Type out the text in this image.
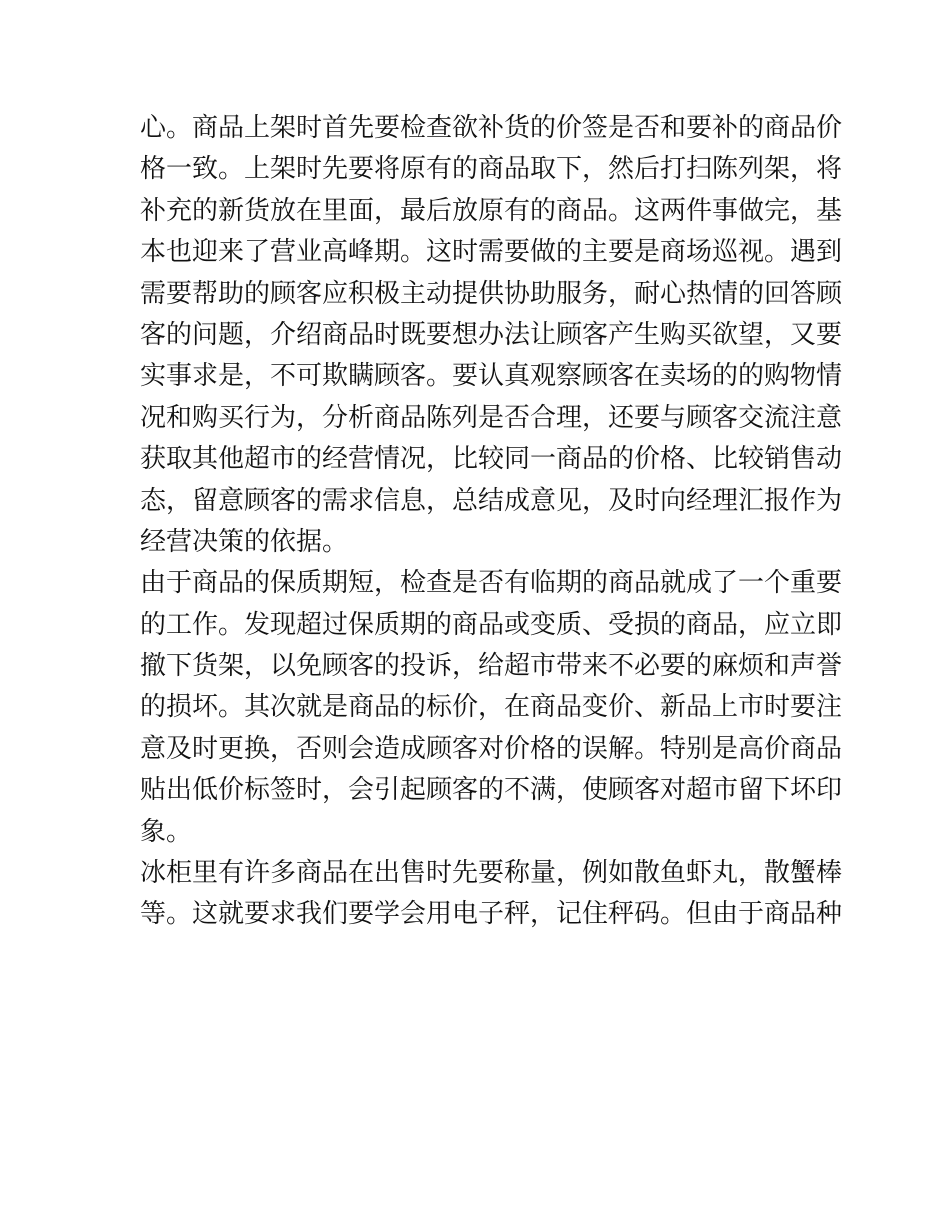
心。商品上架时首先要检查欲补货的价签是否和要补的商品价
格一致。上架时先要将原有的商品取下，然后打扫陈列架，将
补充的新货放在里面，最后放原有的商品。这两件事做完，基
本也迎来了营业高峰期。这时需要做的主要是商场巡视。遇到
需要帮助的顾客应积极主动提供协助服务，耐心热情的回答顾
客的问题，介绍商品时既要想办法让顾客产生购买欲望，又要
实事求是，不可欺瞒顾客。要认真观察顾客在卖场的的购物情
况和购买行为，分析商品陈列是否合理，还要与顾客交流注意
获取其他超市的经营情况，比较同一商品的价格、比较销售动
态，留意顾客的需求信息，总结成意见，及时向经理汇报作为
经营决策的依据。
由于商品的保质期短，检查是否有临期的商品就成了一个重要
的工作。发现超过保质期的商品或变质、受损的商品，应立即
撤下货架，以免顾客的投诉，给超市带来不必要的麻烦和声誉
的损坏。其次就是商品的标价，在商品变价、新品上市时要注
意及时更换，否则会造成顾客对价格的误解。特别是高价商品
贴出低价标签时，会引起顾客的不满，使顾客对超市留下坏印
象。
冰柜里有许多商品在出售时先要称量，例如散鱼虾丸，散蟹棒
等。这就要求我们要学会用电子秤，记住秤码。但由于商品种
